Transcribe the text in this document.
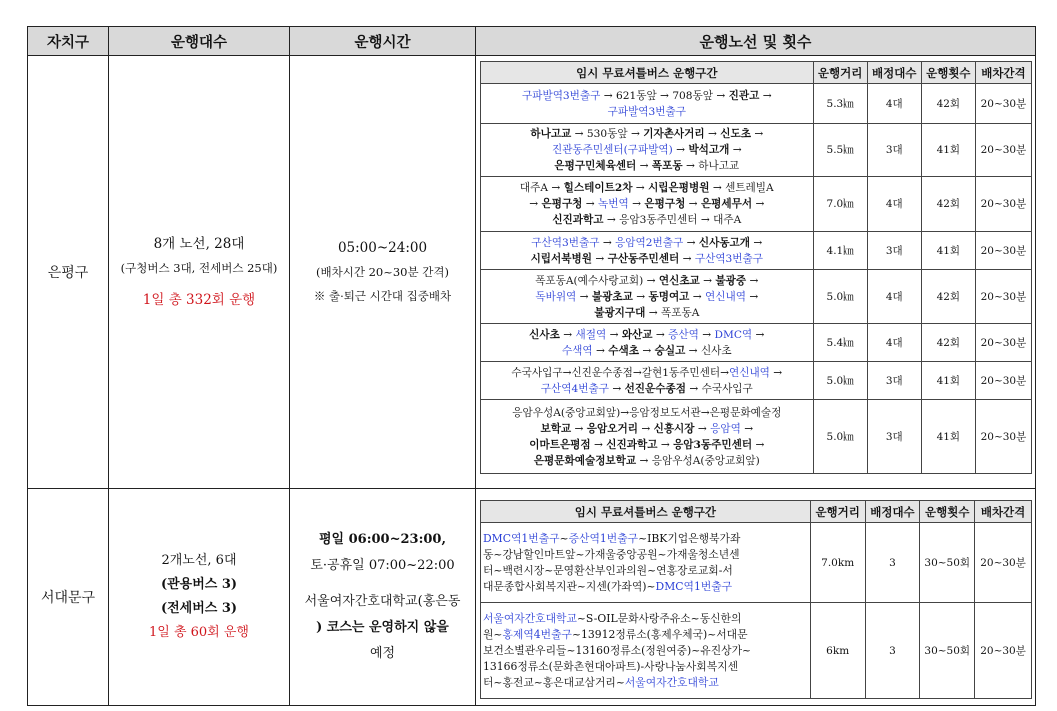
자치구	운행대수	운행시간	운행노선 및 횟수
은평구	
8개 노선, 28대
(구청버스 3대, 전세버스 25대)
1일 총 332회 운행

05:00~24:00
(배차시간 20~30분 간격)
※ 출·퇴근 시간대 집중배차

임시 무료셔틀버스 운행구간	운행거리	배정대수	운행횟수	배차간격

구파발역3번출구 → 621동앞 → 708동앞 → 진관고 →
구파발역3번출구
	5.3㎞	4대	42회	20~30분

하나고교 → 530동앞 → 기자촌사거리 → 신도초 →
진관동주민센터(구파발역) → 박석고개 →
은평구민체육센터 → 폭포동 → 하나고교
	5.5㎞	3대	41회	20~30분

대주A → 힐스테이트2차 → 시립은평병원 → 센트레빌A
→ 은평구청 → 녹번역 → 은평구청 → 은평세무서 →
신진과학고 → 응암3동주민센터 → 대주A
	7.0㎞	4대	42회	20~30분

구산역3번출구 → 응암역2번출구 → 신사동고개 →
시립서북병원 → 구산동주민센터 → 구산역3번출구
	4.1㎞	3대	41회	20~30분

폭포동A(예수사랑교회) → 연신초교 → 불광중 →
독바위역 → 불광초교 → 동명여고 → 연신내역 →
불광지구대 → 폭포동A
	5.0㎞	4대	42회	20~30분

신사초 → 새절역 → 와산교 → 증산역 → DMC역 →
수색역 → 수색초 → 숭실고 → 신사초
	5.4㎞	4대	42회	20~30분

수국사입구→신진운수종점→갈현1동주민센터→연신내역 →
구산역4번출구 → 선진운수종점 → 수국사입구
	5.0㎞	3대	41회	20~30분

응암우성A(중앙교회앞)→응암정보도서관→은평문화예술정
보학교 → 응암오거리 → 신흥시장 → 응암역 →
이마트은평점 → 신진과학고 → 응암3동주민센터 →
은평문화예술정보학교 → 응암우성A(중앙교회앞)
	5.0㎞	3대	41회	20~30분

서대문구	
2개노선, 6대
(관용버스 3)
(전세버스 3)
1일 총 60회 운행

평일 06:00~23:00,
토·공휴일 07:00~22:00
서울여자간호대학교(홍은동
) 코스는 운영하지 않을
예정

임시 무료셔틀버스 운행구간	운행거리	배정대수	운행횟수	배차간격

DMC역1번출구~증산역1번출구~IBK기업은행북가좌
동~강남할인마트앞~가재울중앙공원~가재울청소년센
터~백련시장~문영환산부인과의원~연홍장로교회-서
대문종합사회복지관~지센(가좌역)~DMC역1번출구
	7.0km	3	30~50회	20~30분

서울여자간호대학교~S-OIL문화사랑주유소~동신한의
원~홍제역4번출구~13912정류소(홍제우체국)~서대문
보건소별관우리들~13160정류소(정원여중)~유진상가~
13166정류소(문화촌현대아파트)-사랑나눔사회복지센
터~홍전교~홍은대교삼거리~서울여자간호대학교
	6km	3	30~50회	20~30분
